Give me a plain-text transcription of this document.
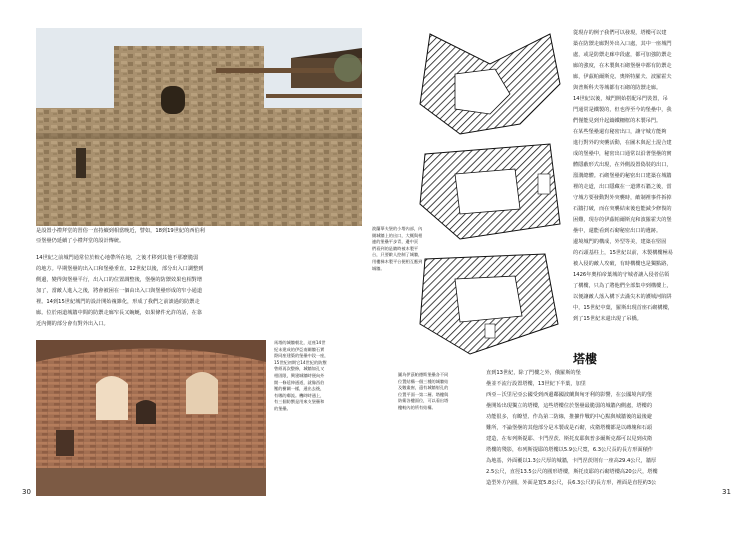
波蘭華夫堡的小塔內部，內
側城牆上的出口，大概與相
連的堡壘平步青，邊中頁
們看到的是隨時被木製平
台，只要敵人控制了城牆，
用樓梯木製平台便相互應到
城牆。
是設置小禮拜堂的習俗一直持續到相當晚近，譬如，18到19世紀的西伯利
亞堡壘仍延續了小禮拜堂的設計傳統。
14世紀之前城門通常位於較心地帶所在地，之後才移到其他不那麼脆弱
的地方。早期堡壘的出入口和堡壘垂直，12世紀以後，部分出入口調整到
側邊，變得與堡壘平行，出入口的位置調整後，堡壘的防禦效果也相對增
加了，當敵人進入之後，將會被困在一個由出入口與堡壘形成的窄小通道
裡。14到15世紀城門的設計開始複雜化，形成了我們之前談過的防禦走
廊。位於兩道城牆中間的防禦走廊窄長又蜿蜒，如果條件允許的話，在靠
近內側的部分會有對外出入口。
馬塔的城牆朝北，這座14世
紀末建成的伊亞南關牆石實
際同座建築的堡壘中段一座，
15世紀初期它14世紀的防禦
曾經再次整修，城牆如孔又
相固限，興建城牆時便向外
開一條延伸通道，就像西伯
壓的樹關一樣，通出去後，
有哪的鄰流。機時時通上，
有三個防禦是用來支堡壘和
的堡壘。
30
圖為伊茲帕德斯堡壘各不同
位置結構一個三種的城牆結
及數叢窗，還有城牆射孔的
位置平面一第二層。塔樓與
防衛各樓面位，可以看出塔
樓較內的所有結構。
從現存的例子我們可以發現，塔樓可以建
築在防禦走廊對外出入口處，其中一座城門
處，或是防禦走廊中段處，都可加強防禦走
廊的強度，在木製與石砌堡壘中都有防禦走
廊，伊茲帕爾斯克、奧斯特羅夫、波羅霍夫
與普斯科夫等城都有石砌的防禦走廊。
14世紀以後，城門開始搭配吊門裝置，吊
門通常是鐵製的，但也得至今的堡壘中，我
們僅能見到升起鑄鐵柵框的木製吊門。
在某些堡壘還有秘密出口，讓守城方能夠
進行對外的突襲活動，在圖木與泥土混合建
成的堡壘中，秘密出口通常以沿著堡壘的實
體隱蔽形式出現，在外側設置偽裝的出口，
溜溝總體。石砌堡壘的秘密出口建築在城牆
裡的走道，出口隱藏在一道薄石牆之後，當
守城方要發動對外突襲時，敵制裡事件拆掉
石牆打破，而在突襲結束後也能減少修復的
困難，現存的伊茲帕爾斯克和波羅霍夫的堡
壘中，還能看到石砌秘密出口的遺跡。
邊境城門的構成，外型等美，建築在堅固
的石頭基柱上，15世紀以前，木製構樓極易
被入侵的敵人攻破，有時構樓也是獨點路，
1426年奧柏帝葉城的守城者讓入侵者佔領
了構樓，只為了將他們全部集中到構樓上，
以便讓敵人落入構下去滿尖木的護城河陷阱
中，15世紀中葉，羅斯出現首座石砌構樓，
到了15世紀末還出現了吊橋。
塔樓
直到13世紀，除了門樓之外，俄羅斯的堡
壘並不流行設置塔樓，13世紀下半葉，加里
西亞－沃里尼亞公國受到西邊鄰國波蘭與匈牙利的影響，在公國境內的堡
壘開始出現獨立的塔樓，這些塔樓位於堡壘最脆弱的城牆內側處，塔樓的
功能很多，有瞭望、作為第二防線，推擴作戰的中心點與城牆後的最後避
難所，不論堡壘的其他部分是木製或是石砌，戍衛塔樓都是以磚塊和石頭
建造，在布列斯提耶、卡門涅茨、斯托皮耶與普多爾斯克都可以見到戍衛
塔樓的殘影，布列斯提耶的塔樓以5.9公尺寬，6.3公尺長的長方形面積作
為地基，外面覆以1.3公尺厚的城牆，卡門涅茨則有一座高29.4公尺，牆厚
2.5公尺，直徑13.5公尺的圓形塔樓，斯托皮耶的石砌塔樓高20公尺，塔樓
造型外方內圓，外面是寬5.8公尺，長6.3公尺的長方形，裡面是直徑約3公
31
